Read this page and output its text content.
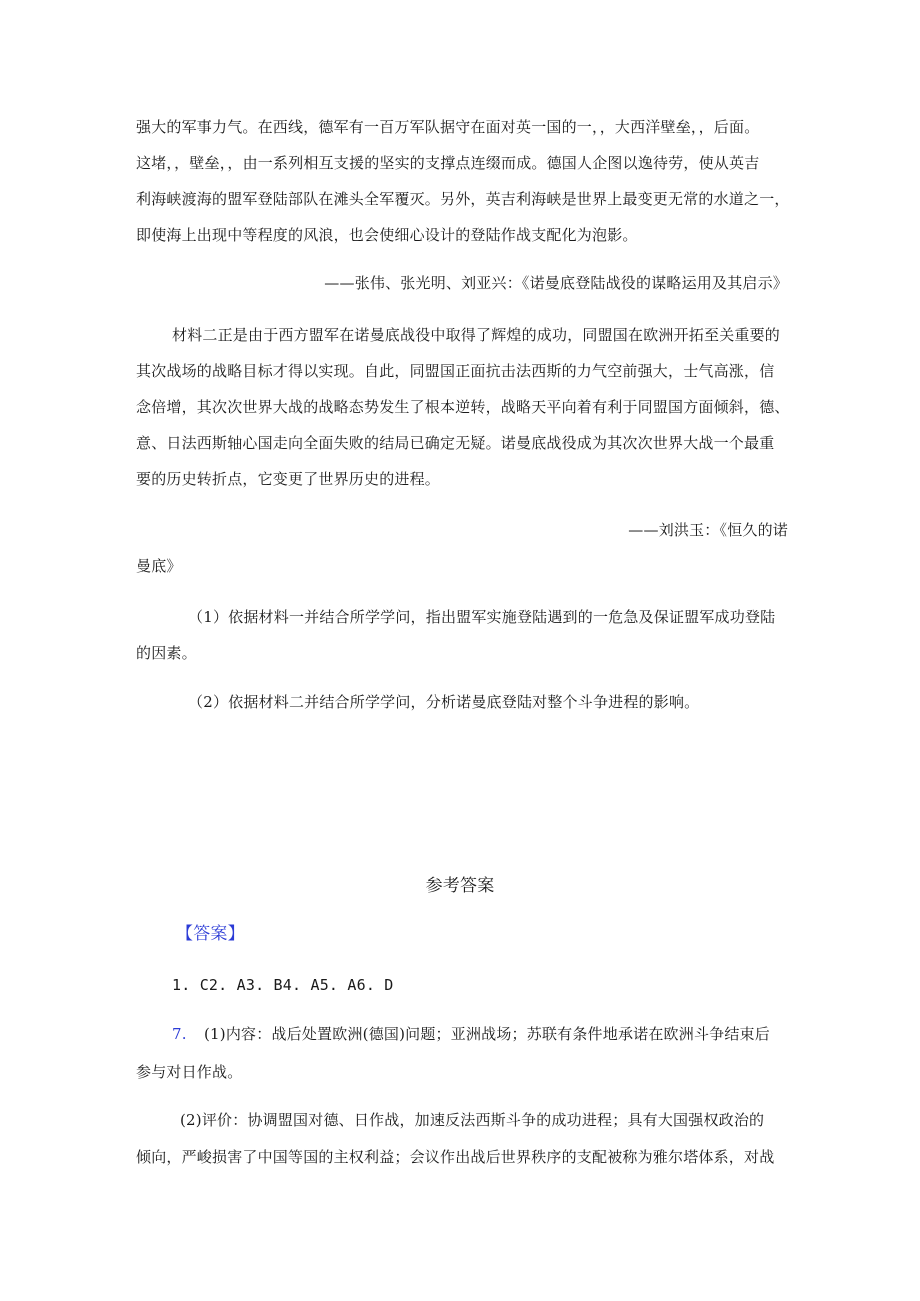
强大的军事力气。在西线，德军有一百万军队据守在面对英一国的一，，大西洋壁垒，，后面。
这堵，，壁垒，，由一系列相互支援的坚实的支撑点连缀而成。德国人企图以逸待劳，使从英吉
利海峡渡海的盟军登陆部队在滩头全军覆灭。另外，英吉利海峡是世界上最变更无常的水道之一，
即使海上出现中等程度的风浪，也会使细心设计的登陆作战支配化为泡影。
——张伟、张光明、刘亚兴：《诺曼底登陆战役的谋略运用及其启示》
材料二正是由于西方盟军在诺曼底战役中取得了辉煌的成功，同盟国在欧洲开拓至关重要的
其次战场的战略目标才得以实现。自此，同盟国正面抗击法西斯的力气空前强大，士气高涨，信
念倍增，其次次世界大战的战略态势发生了根本逆转，战略天平向着有利于同盟国方面倾斜，德、
意、日法西斯轴心国走向全面失败的结局已确定无疑。诺曼底战役成为其次次世界大战一个最重
要的历史转折点，它变更了世界历史的进程。
——刘洪玉：《恒久的诺
曼底》
（1）依据材料一并结合所学学问，指出盟军实施登陆遇到的一危急及保证盟军成功登陆
的因素。
（2）依据材料二并结合所学学问，分析诺曼底登陆对整个斗争进程的影响。
参考答案
【答案】
1. C2. A3. B4. A5. A6. D
7. (1)内容：战后处置欧洲(德国)问题；亚洲战场；苏联有条件地承诺在欧洲斗争结束后
参与对日作战。
(2)评价：协调盟国对德、日作战，加速反法西斯斗争的成功进程；具有大国强权政治的
倾向，严峻损害了中国等国的主权利益；会议作出战后世界秩序的支配被称为雅尔塔体系，对战
